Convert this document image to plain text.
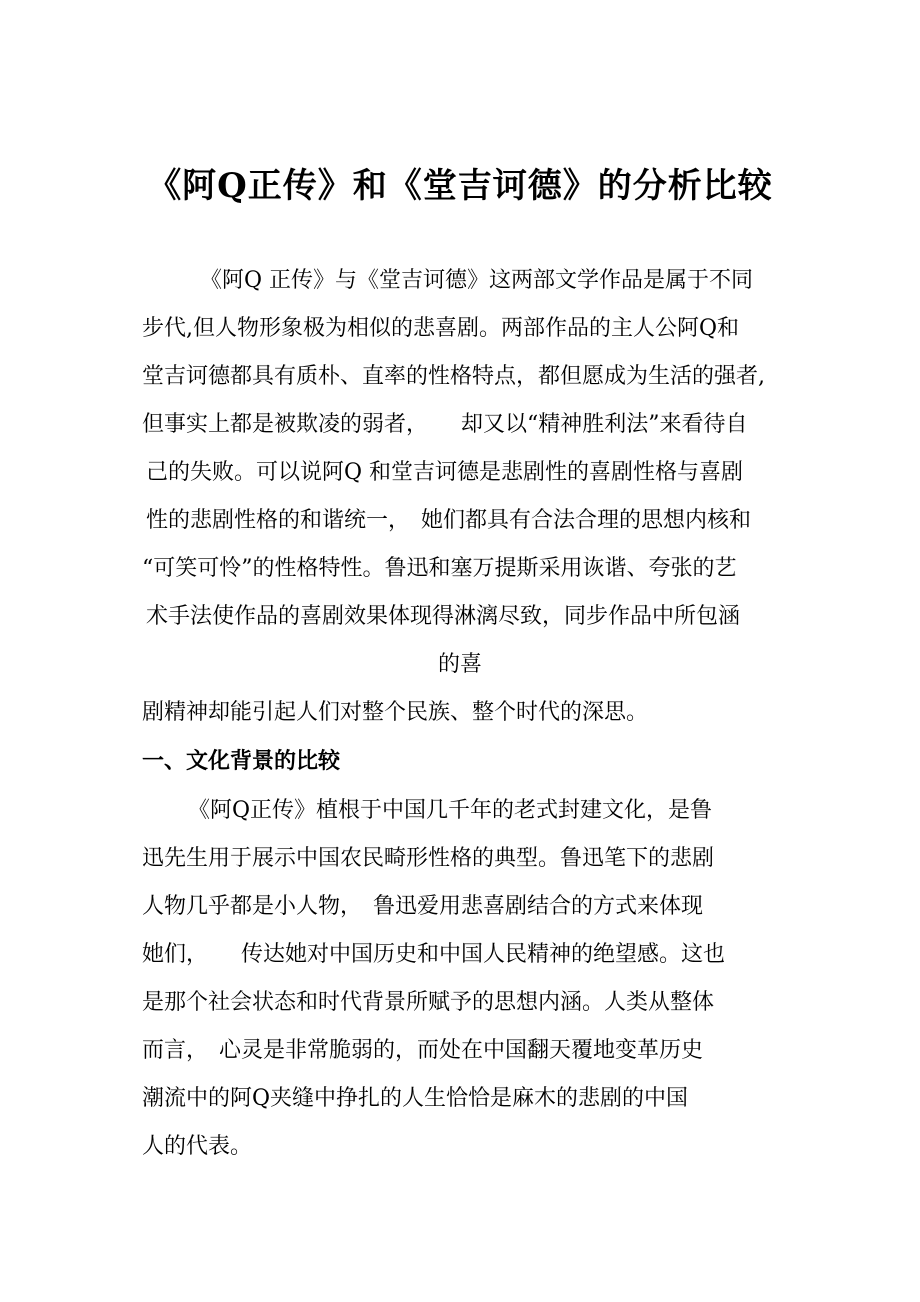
《阿Q正传》和《堂吉诃德》的分析比较
《阿Q 正传》与《堂吉诃德》这两部文学作品是属于不同
步代,但人物形象极为相似的悲喜剧。两部作品的主人公阿Q和
堂吉诃德都具有质朴、直率的性格特点，都但愿成为生活的强者,
但事实上都是被欺凌的弱者，　　却又以“精神胜利法”来看待自
己的失败。可以说阿Q 和堂吉诃德是悲剧性的喜剧性格与喜剧
性的悲剧性格的和谐统一，　她们都具有合法合理的思想内核和
“可笑可怜”的性格特性。鲁迅和塞万提斯采用诙谐、夸张的艺
术手法使作品的喜剧效果体现得淋漓尽致，同步作品中所包涵
的喜
剧精神却能引起人们对整个民族、整个时代的深思。
一、文化背景的比较
《阿Q正传》植根于中国几千年的老式封建文化，是鲁
迅先生用于展示中国农民畸形性格的典型。鲁迅笔下的悲剧
人物几乎都是小人物，　鲁迅爱用悲喜剧结合的方式来体现
她们，　　传达她对中国历史和中国人民精神的绝望感。这也
是那个社会状态和时代背景所赋予的思想内涵。人类从整体
而言，　心灵是非常脆弱的，而处在中国翻天覆地变革历史
潮流中的阿Q夹缝中挣扎的人生恰恰是麻木的悲剧的中国
人的代表。
